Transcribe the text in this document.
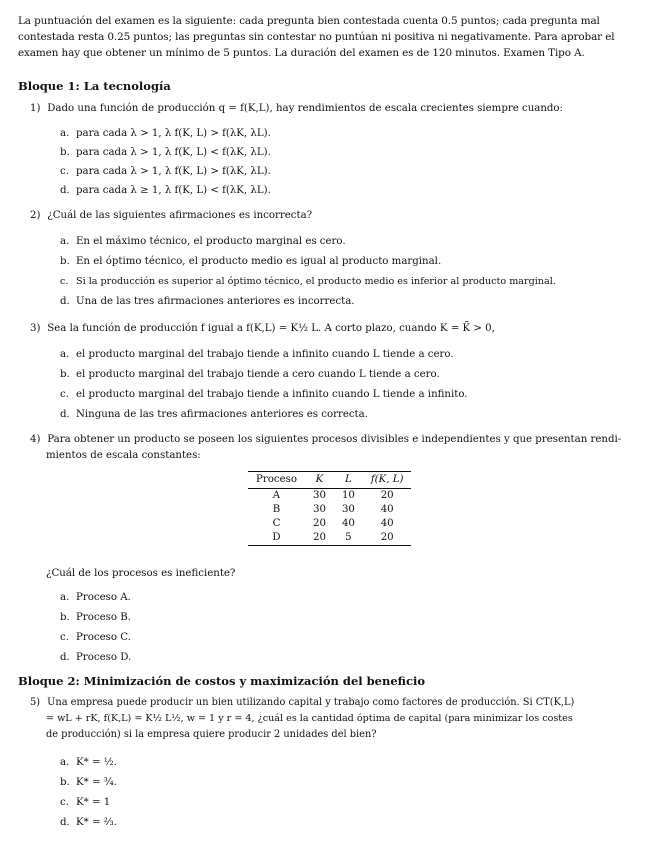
La puntuación del examen es la siguiente: cada pregunta bien contestada cuenta 0.5 puntos; cada pregunta mal contestada resta 0.25 puntos; las preguntas sin contestar no puntúan ni positiva ni negativamente. Para aprobar el examen hay que obtener un mínimo de 5 puntos. La duración del examen es de 120 minutos. Examen Tipo A.
Bloque 1: La tecnología
1) Dado una función de producción q = f(K,L), hay rendimientos de escala crecientes siempre cuando:
a. para cada λ > 1, λ f(K, L) > f(λK, λL).
b. para cada λ > 1, λ f(K, L) < f(λK, λL).
c. para cada λ > 1, λ f(K, L) > f(λK, λL).
d. para cada λ ≥ 1, λ f(K, L) < f(λK, λL).
2) ¿Cuál de las siguientes afirmaciones es incorrecta?
a. En el máximo técnico, el producto marginal es cero.
b. En el óptimo técnico, el producto medio es igual al producto marginal.
c. Si la producción es superior al óptimo técnico, el producto medio es inferior al producto marginal.
d. Una de las tres afirmaciones anteriores es incorrecta.
3) Sea la función de producción f igual a f(K,L) = K½ L. A corto plazo, cuando K = K̄ > 0,
a. el producto marginal del trabajo tiende a infinito cuando L tiende a cero.
b. el producto marginal del trabajo tiende a cero cuando L tiende a cero.
c. el producto marginal del trabajo tiende a infinito cuando L tiende a infinito.
d. Ninguna de las tres afirmaciones anteriores es correcta.
4) Para obtener un producto se poseen los siguientes procesos divisibles e independientes y que presentan rendi-
mientos de escala constantes:
Proceso	K	L	f(K, L)
A	30	10	20
B	30	30	40
C	20	40	40
D	20	5	20
¿Cuál de los procesos es ineficiente?
a. Proceso A.
b. Proceso B.
c. Proceso C.
d. Proceso D.
Bloque 2: Minimización de costos y maximización del beneficio
5) Una empresa puede producir un bien utilizando capital y trabajo como factores de producción. Si CT(K,L)
= wL + rK, f(K,L) = K½ L½, w = 1 y r = 4, ¿cuál es la cantidad óptima de capital (para minimizar los costes
de producción) si la empresa quiere producir 2 unidades del bien?
a. K* = ½.
b. K* = ¾.
c. K* = 1
d. K* = ⅔.
